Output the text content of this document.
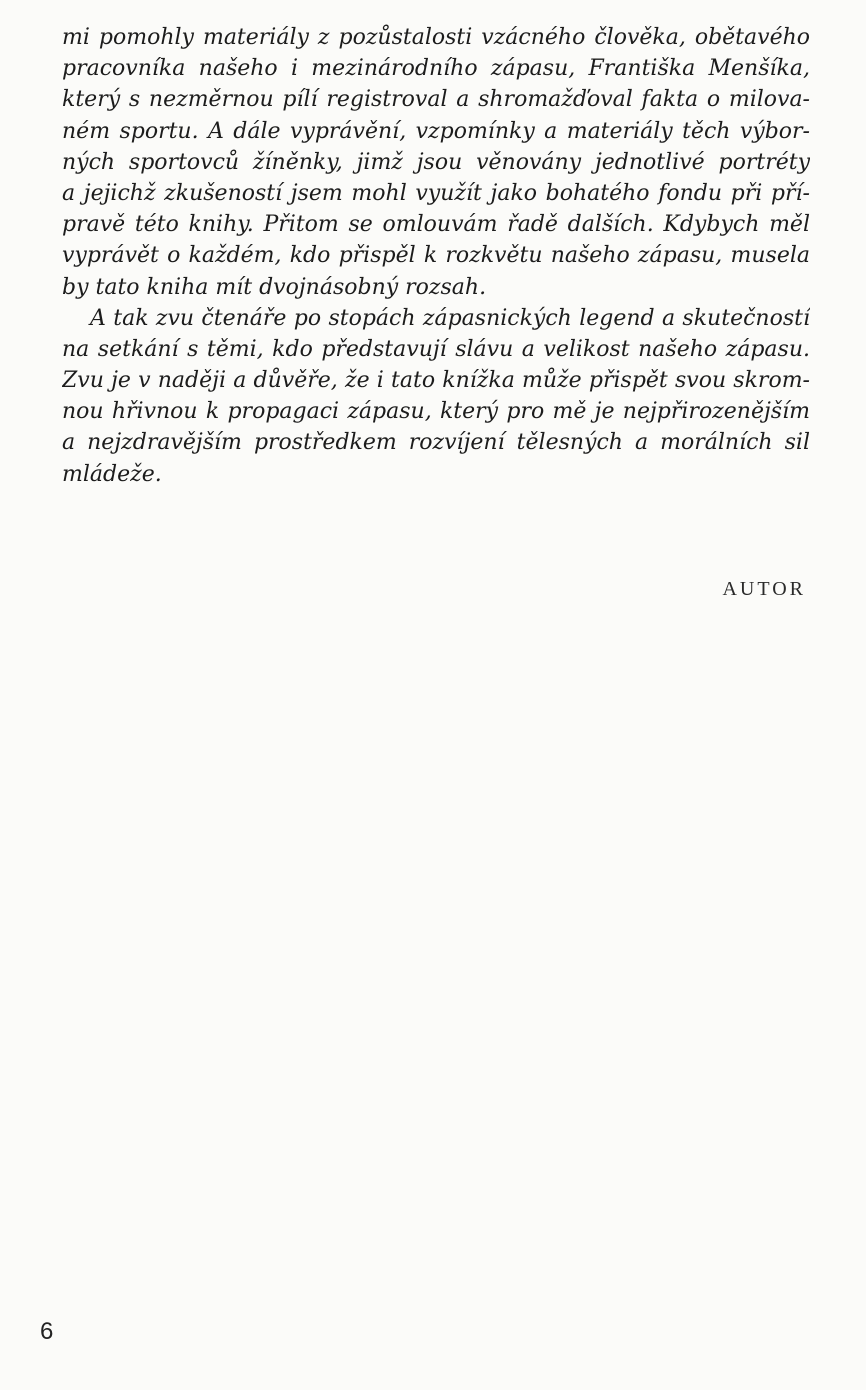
mi pomohly materiály z pozůstalosti vzácného člověka, obětavého
pracovníka našeho i mezinárodního zápasu, Františka Menšíka,
který s nezměrnou pílí registroval a shromažďoval fakta o milova-
ném sportu. A dále vyprávění, vzpomínky a materiály těch výbor-
ných sportovců žíněnky, jimž jsou věnovány jednotlivé portréty
a jejichž zkušeností jsem mohl využít jako bohatého fondu při pří-
pravě této knihy. Přitom se omlouvám řadě dalších. Kdybych měl
vyprávět o každém, kdo přispěl k rozkvětu našeho zápasu, musela
by tato kniha mít dvojnásobný rozsah.
A tak zvu čtenáře po stopách zápasnických legend a skutečností
na setkání s těmi, kdo představují slávu a velikost našeho zápasu.
Zvu je v naději a důvěře, že i tato knížka může přispět svou skrom-
nou hřivnou k propagaci zápasu, který pro mě je nejpřirozenějším
a nejzdravějším prostředkem rozvíjení tělesných a morálních sil
mládeže.
AUTOR
6
